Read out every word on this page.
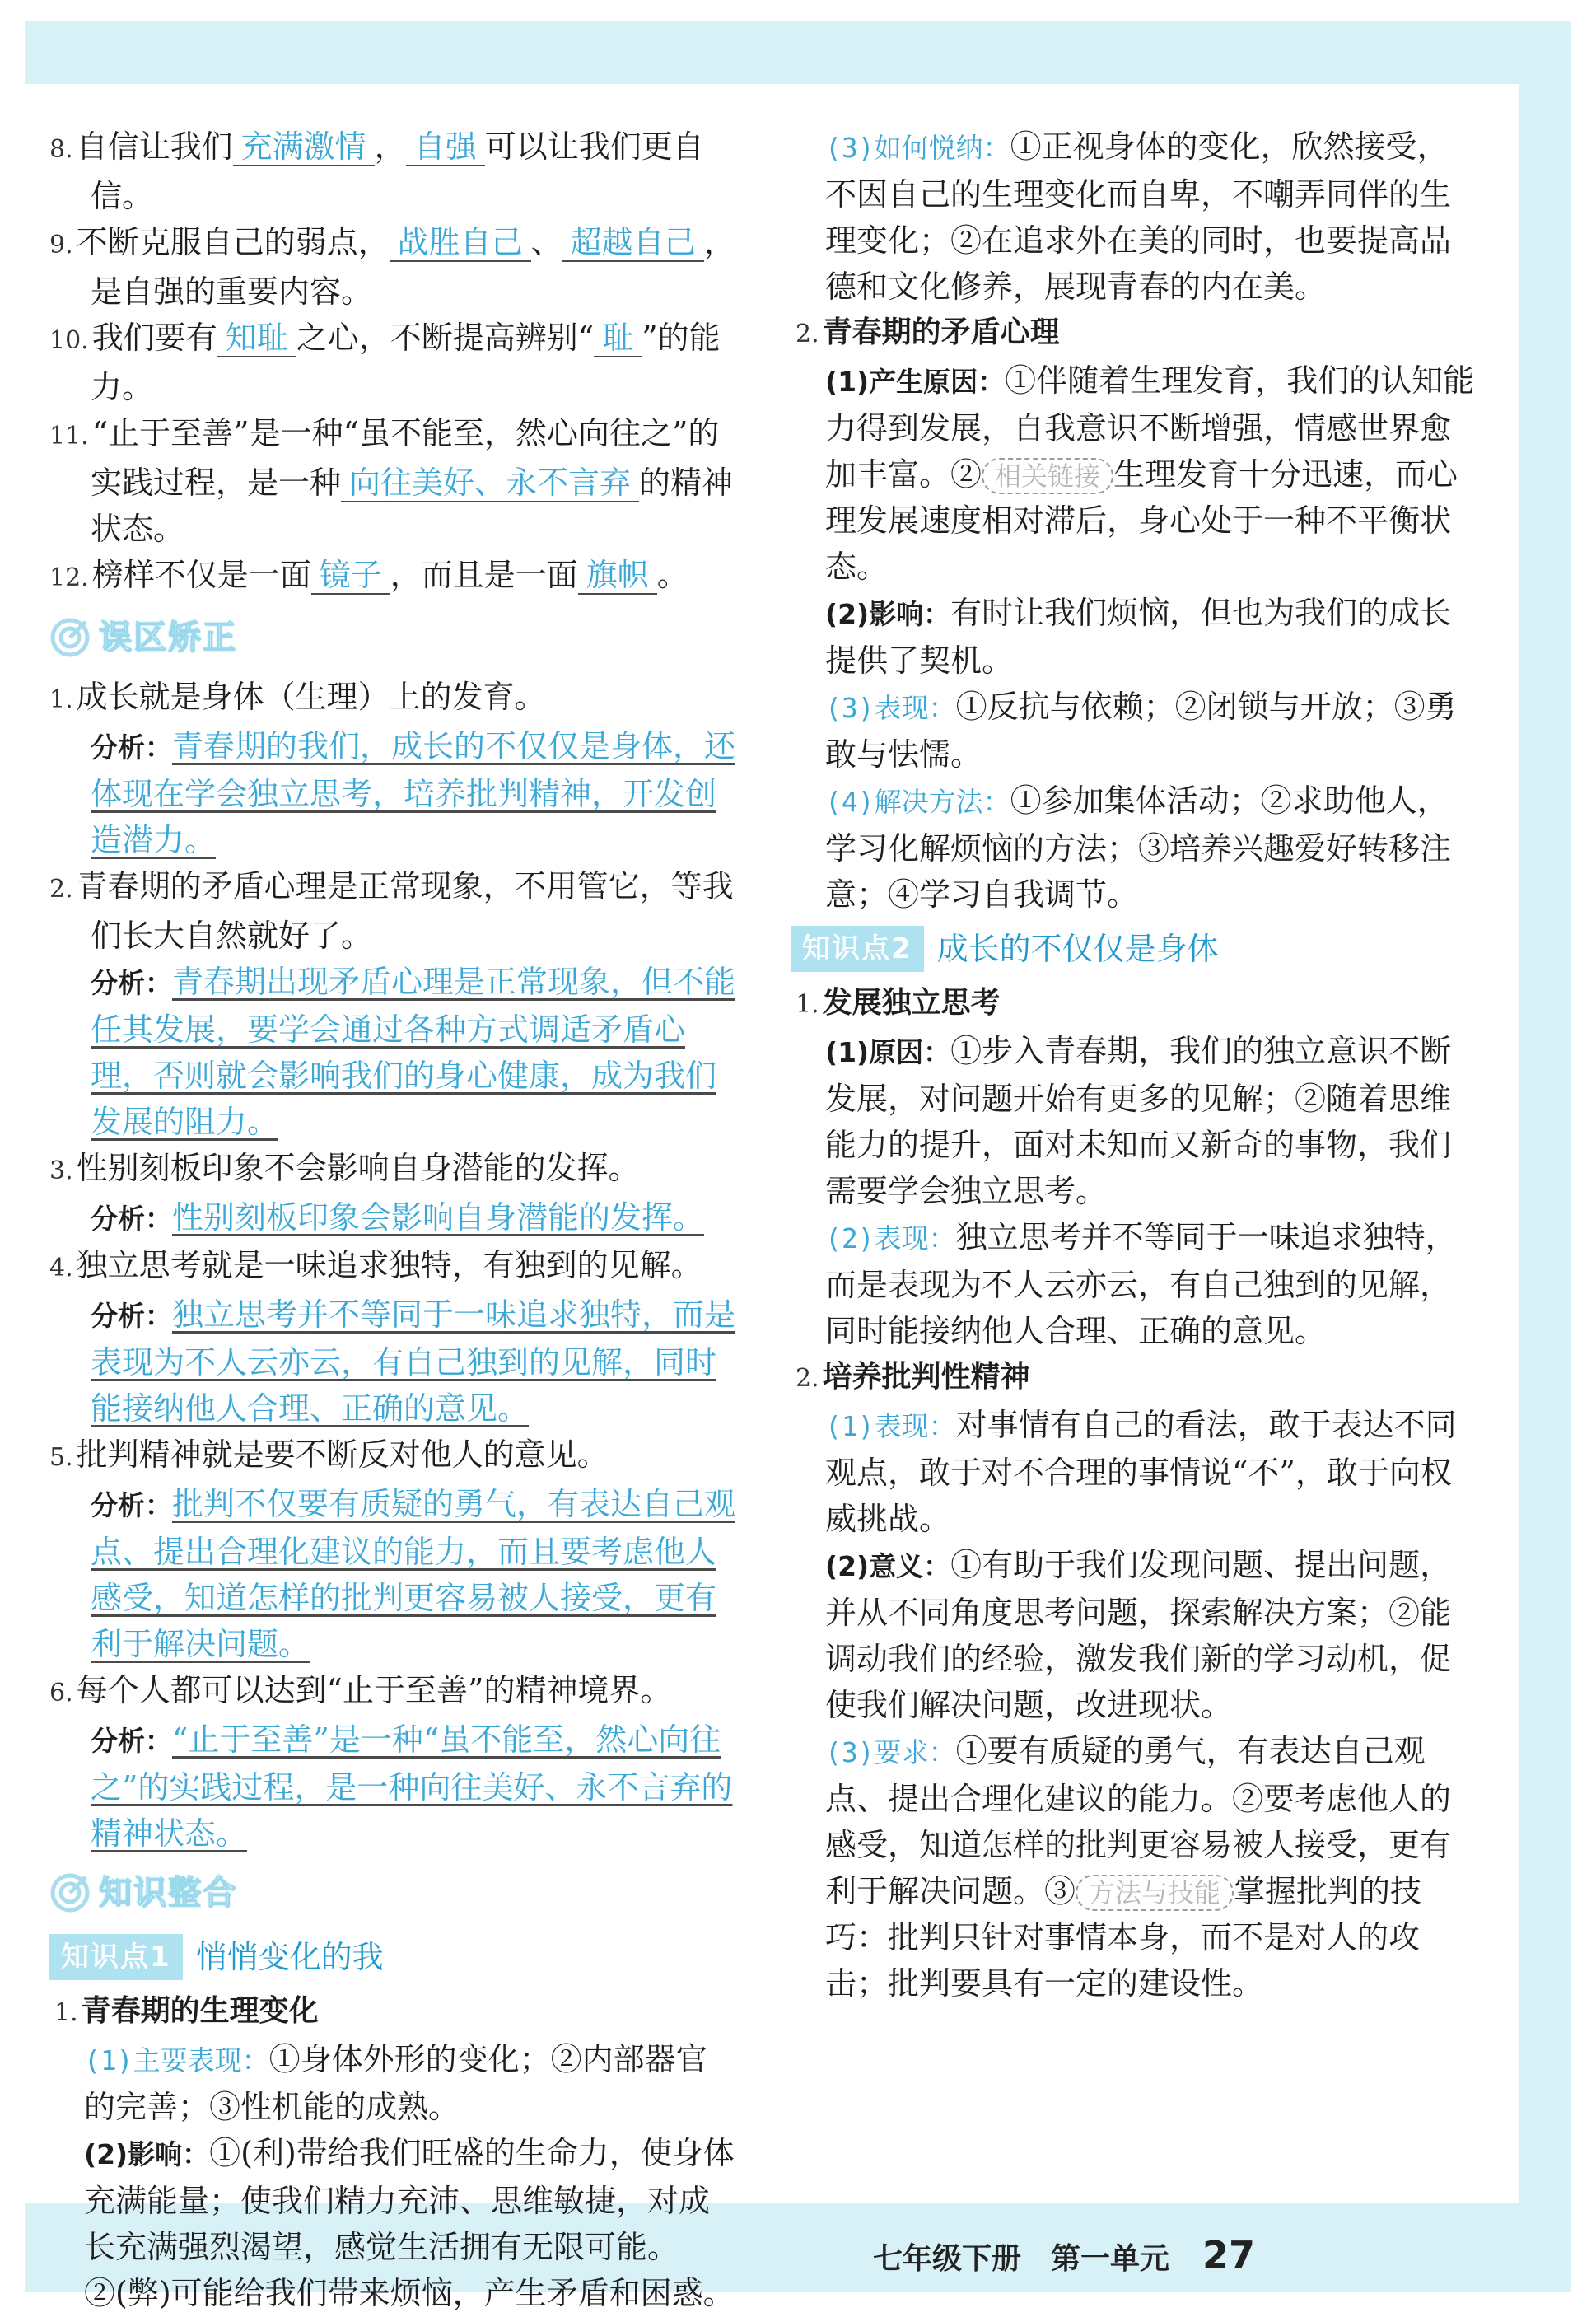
8. 自信让我们 充满激情 ， 自强 可以让我们更自信。
9. 不断克服自己的弱点， 战胜自己 、 超越自己 ，是自强的重要内容。
10. 我们要有 知耻 之心，不断提高辨别“ 耻 ”的能力。
11. “止于至善”是一种“虽不能至，然心向往之”的实践过程，是一种 向往美好、永不言弃 的精神状态。
12. 榜样不仅是一面 镜子 ，而且是一面 旗帜 。
误区矫正
1. 成长就是身体（生理）上的发育。
分析：青春期的我们，成长的不仅仅是身体，还体现在学会独立思考，培养批判精神，开发创造潜力。
2. 青春期的矛盾心理是正常现象，不用管它，等我们长大自然就好了。
分析：青春期出现矛盾心理是正常现象，但不能任其发展，要学会通过各种方式调适矛盾心理，否则就会影响我们的身心健康，成为我们发展的阻力。
3. 性别刻板印象不会影响自身潜能的发挥。
分析：性别刻板印象会影响自身潜能的发挥。
4. 独立思考就是一味追求独特，有独到的见解。
分析：独立思考并不等同于一味追求独特，而是表现为不人云亦云，有自己独到的见解，同时能接纳他人合理、正确的意见。
5. 批判精神就是要不断反对他人的意见。
分析：批判不仅要有质疑的勇气，有表达自己观点、提出合理化建议的能力，而且要考虑他人感受，知道怎样的批判更容易被人接受，更有利于解决问题。
6. 每个人都可以达到“止于至善”的精神境界。
分析：“止于至善”是一种“虽不能至，然心向往之”的实践过程，是一种向往美好、永不言弃的精神状态。
知识整合
知识点1 悄悄变化的我
1. 青春期的生理变化
(1)主要表现：①身体外形的变化；②内部器官的完善；③性机能的成熟。
(2)影响：①(利)带给我们旺盛的生命力，使身体充满能量；使我们精力充沛、思维敏捷，对成长充满强烈渴望，感觉生活拥有无限可能。②(弊)可能给我们带来烦恼，产生矛盾和困惑。
(3)如何悦纳：①正视身体的变化，欣然接受，不因自己的生理变化而自卑，不嘲弄同伴的生理变化；②在追求外在美的同时，也要提高品德和文化修养，展现青春的内在美。
2. 青春期的矛盾心理
(1)产生原因：①伴随着生理发育，我们的认知能力得到发展，自我意识不断增强，情感世界愈加丰富。② 相关链接 生理发育十分迅速，而心理发展速度相对滞后，身心处于一种不平衡状态。
(2)影响：有时让我们烦恼，但也为我们的成长提供了契机。
(3)表现：①反抗与依赖；②闭锁与开放；③勇敢与怯懦。
(4)解决方法：①参加集体活动；②求助他人，学习化解烦恼的方法；③培养兴趣爱好转移注意；④学习自我调节。
知识点2 成长的不仅仅是身体
1. 发展独立思考
(1)原因：①步入青春期，我们的独立意识不断发展，对问题开始有更多的见解；②随着思维能力的提升，面对未知而又新奇的事物，我们需要学会独立思考。
(2)表现：独立思考并不等同于一味追求独特，而是表现为不人云亦云，有自己独到的见解，同时能接纳他人合理、正确的意见。
2. 培养批判性精神
(1)表现：对事情有自己的看法，敢于表达不同观点，敢于对不合理的事情说“不”，敢于向权威挑战。
(2)意义：①有助于我们发现问题、提出问题，并从不同角度思考问题，探索解决方案；②能调动我们的经验，激发我们新的学习动机，促使我们解决问题，改进现状。
(3)要求：①要有质疑的勇气，有表达自己观点、提出合理化建议的能力。②要考虑他人的感受，知道怎样的批判更容易被人接受，更有利于解决问题。③ 方法与技能 掌握批判的技巧：批判只针对事情本身，而不是对人的攻击；批判要具有一定的建设性。
七年级下册　第一单元 27
